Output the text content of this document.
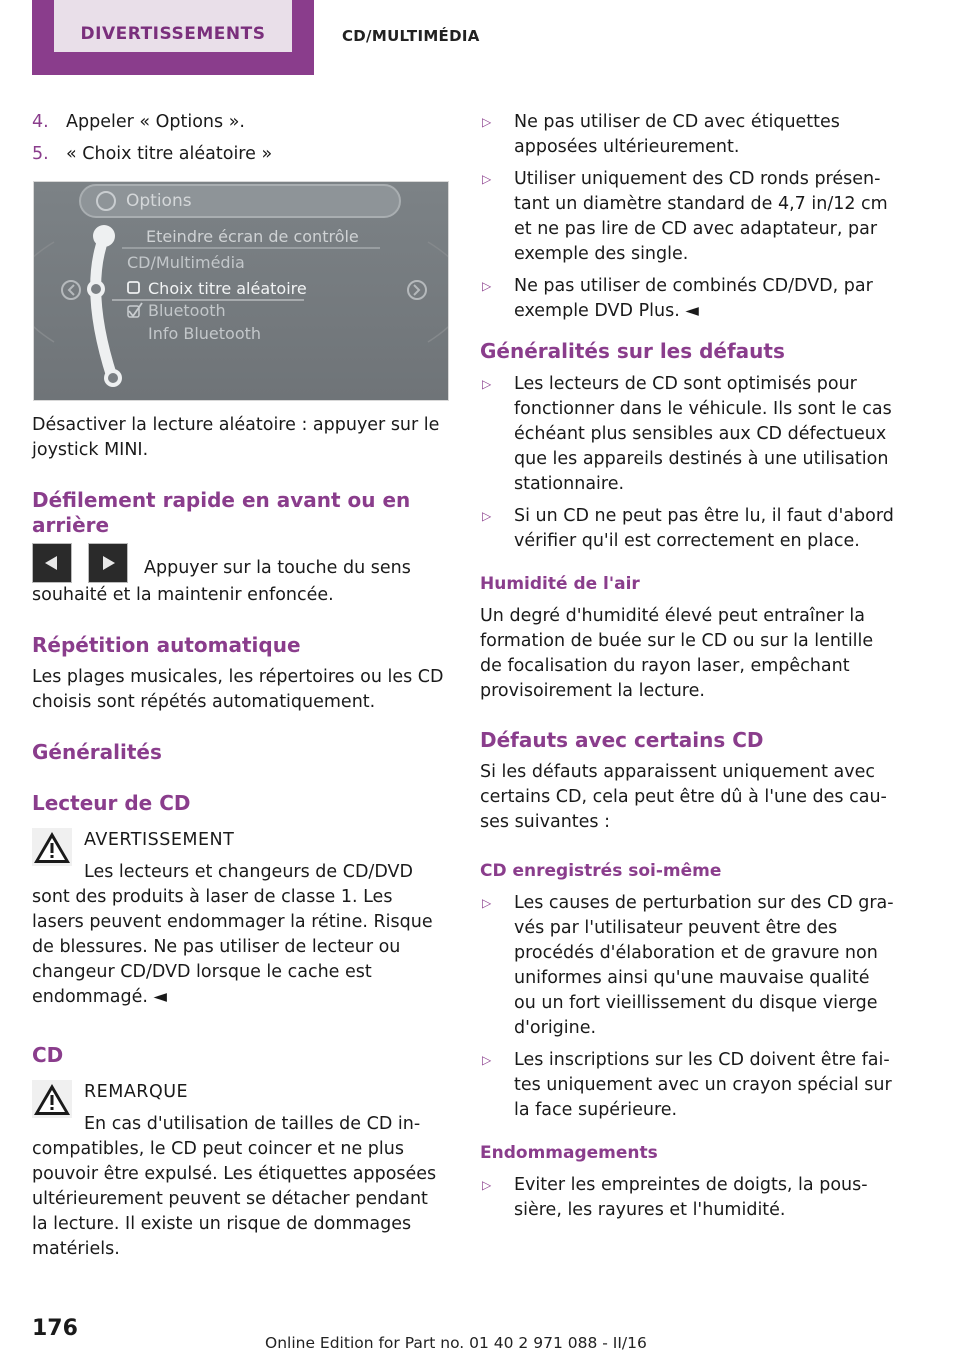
DIVERTISSEMENTS	CD/MULTIMÉDIA
4. Appeler « Options ».
5. « Choix titre aléatoire »
Options
Eteindre écran de contrôle
CD/Multimédia
Choix titre aléatoire
Bluetooth
Info Bluetooth

Désactiver la lecture aléatoire : appuyer sur le joystick MINI.

Défilement rapide en avant ou en arrière

Appuyer sur la touche du sens souhaité et la maintenir enfoncée.

Répétition automatique

Les plages musicales, les répertoires ou les CD choisis sont répétés automatiquement.

Généralités
Lecteur de CD

AVERTISSEMENT

Les lecteurs et changeurs de CD/DVD sont des produits à laser de classe 1. Les lasers peuvent endommager la rétine. Risque de blessures. Ne pas utiliser de lecteur ou changeur CD/DVD lorsque le cache est endommagé. ◄

CD

REMARQUE

En cas d'utilisation de tailles de CD incompatibles, le CD peut coincer et ne plus pouvoir être expulsé. Les étiquettes apposées ultérieurement peuvent se détacher pendant la lecture. Il existe un risque de dommages matériels.

▷ Ne pas utiliser de CD avec étiquettes apposées ultérieurement.
▷ Utiliser uniquement des CD ronds présentant un diamètre standard de 4,7 in/12 cm et ne pas lire de CD avec adaptateur, par exemple des single.
▷ Ne pas utiliser de combinés CD/DVD, par exemple DVD Plus. ◄
Généralités sur les défauts
▷ Les lecteurs de CD sont optimisés pour fonctionner dans le véhicule. Ils sont le cas échéant plus sensibles aux CD défectueux que les appareils destinés à une utilisation stationnaire.
▷ Si un CD ne peut pas être lu, il faut d'abord vérifier qu'il est correctement en place.
Humidité de l'air

Un degré d'humidité élevé peut entraîner la formation de buée sur le CD ou sur la lentille de focalisation du rayon laser, empêchant provisoirement la lecture.

Défauts avec certains CD

Si les défauts apparaissent uniquement avec certains CD, cela peut être dû à l'une des causes suivantes :

CD enregistrés soi-même
▷ Les causes de perturbation sur des CD gravés par l'utilisateur peuvent être des procédés d'élaboration et de gravure non uniformes ainsi qu'une mauvaise qualité ou un fort vieillissement du disque vierge d'origine.
▷ Les inscriptions sur les CD doivent être faites uniquement avec un crayon spécial sur la face supérieure.
Endommagements
▷ Eviter les empreintes de doigts, la poussière, les rayures et l'humidité.
176
Online Edition for Part no. 01 40 2 971 088 - II/16
